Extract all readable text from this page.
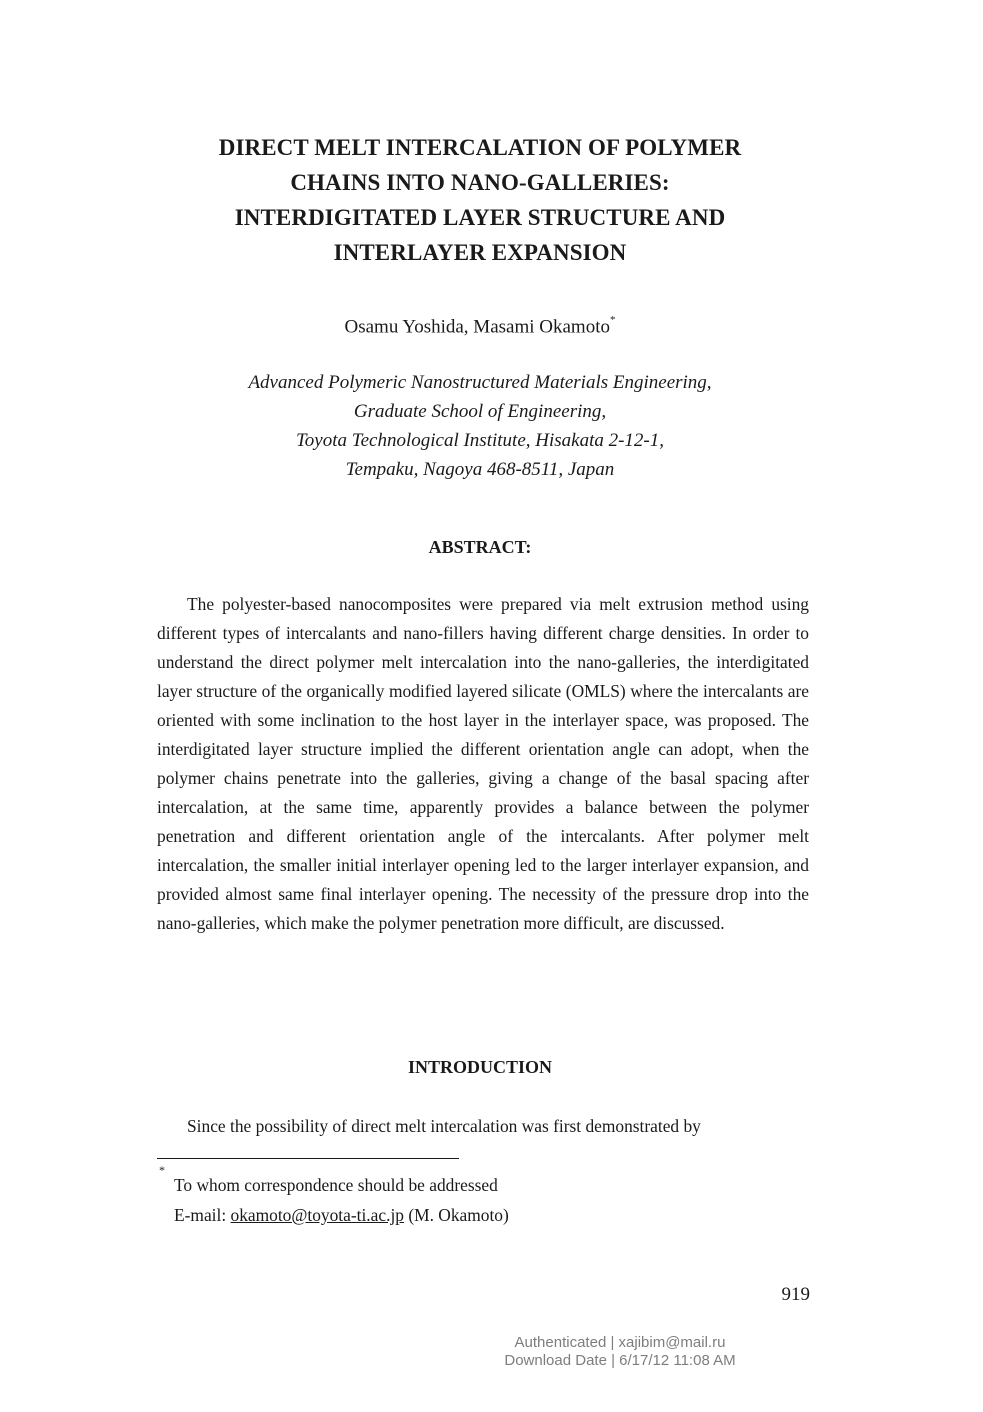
DIRECT MELT INTERCALATION OF POLYMER
CHAINS INTO NANO-GALLERIES:
INTERDIGITATED LAYER STRUCTURE AND
INTERLAYER EXPANSION
Osamu Yoshida, Masami Okamoto*
Advanced Polymeric Nanostructured Materials Engineering,
Graduate School of Engineering,
Toyota Technological Institute, Hisakata 2-12-1,
Tempaku, Nagoya 468-8511, Japan
ABSTRACT:

The polyester-based nanocomposites were prepared via melt extrusion method using different types of intercalants and nano-fillers having different charge densities. In order to understand the direct polymer melt intercalation into the nano-galleries, the interdigitated layer structure of the organically modified layered silicate (OMLS) where the intercalants are oriented with some inclination to the host layer in the interlayer space, was proposed. The interdigitated layer structure implied the different orientation angle can adopt, when the polymer chains penetrate into the galleries, giving a change of the basal spacing after intercalation, at the same time, apparently provides a balance between the polymer penetration and different orientation angle of the intercalants. After polymer melt intercalation, the smaller initial interlayer opening led to the larger interlayer expansion, and provided almost same final interlayer opening. The necessity of the pressure drop into the nano-galleries, which make the polymer penetration more difficult, are discussed.

INTRODUCTION

Since the possibility of direct melt intercalation was first demonstrated by

*
To whom correspondence should be addressed
E-mail: okamoto@toyota-ti.ac.jp (M. Okamoto)
919
Authenticated | xajibim@mail.ru
Download Date | 6/17/12 11:08 AM
